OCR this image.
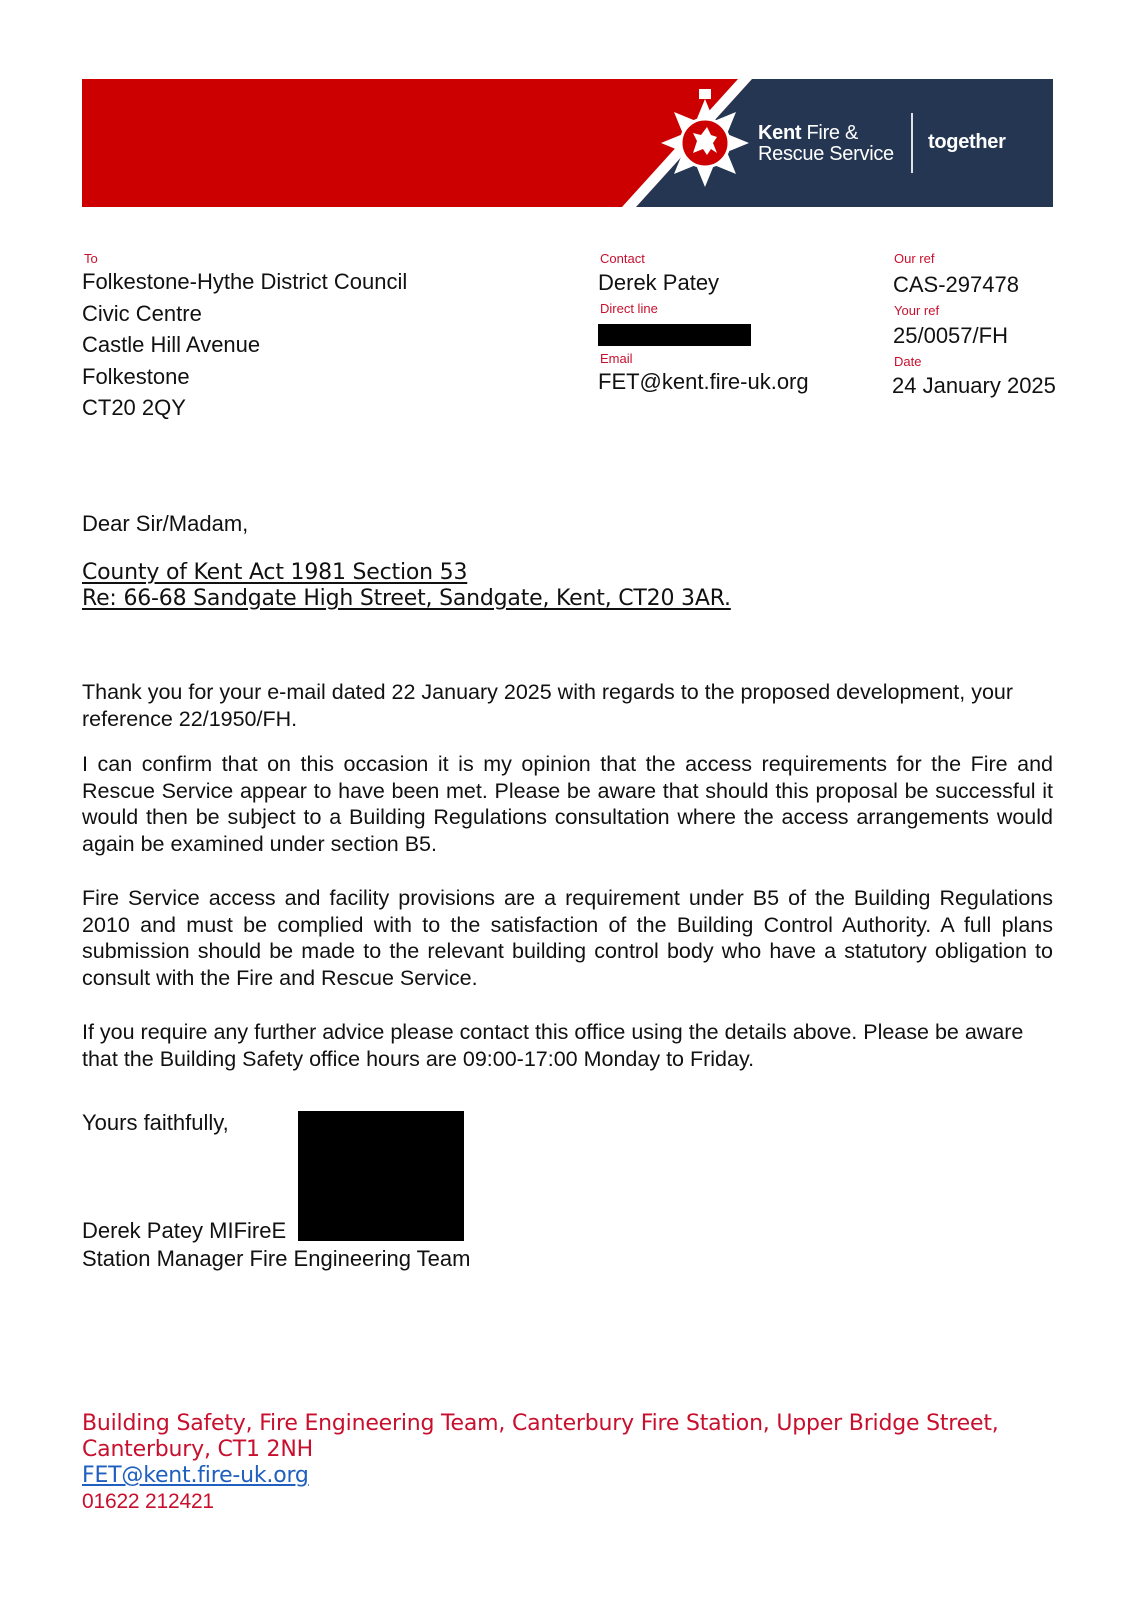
Kent Fire &
Rescue Service
together
To
Folkestone-Hythe District Council
Civic Centre
Castle Hill Avenue
Folkestone
CT20 2QY
Contact
Derek Patey
Direct line
Email
FET@kent.fire-uk.org
Our ref
CAS-297478
Your ref
25/0057/FH
Date
24 January 2025
Dear Sir/Madam,
County of Kent Act 1981 Section 53
Re: 66-68 Sandgate High Street, Sandgate, Kent, CT20 3AR.
Thank you for your e-mail dated 22 January 2025 with regards to the proposed development, your reference 22/1950/FH.
I can confirm that on this occasion it is my opinion that the access requirements for the Fire and Rescue Service appear to have been met. Please be aware that should this proposal be successful it would then be subject to a Building Regulations consultation where the access arrangements would again be examined under section B5.
Fire Service access and facility provisions are a requirement under B5 of the Building Regulations 2010 and must be complied with to the satisfaction of the Building Control Authority. A full plans submission should be made to the relevant building control body who have a statutory obligation to consult with the Fire and Rescue Service.
If you require any further advice please contact this office using the details above. Please be aware that the Building Safety office hours are 09:00-17:00 Monday to Friday.
Yours faithfully,
Derek Patey MIFireE
Station Manager Fire Engineering Team
Building Safety, Fire Engineering Team, Canterbury Fire Station, Upper Bridge Street,
Canterbury, CT1 2NH
FET@kent.fire-uk.org
01622 212421
